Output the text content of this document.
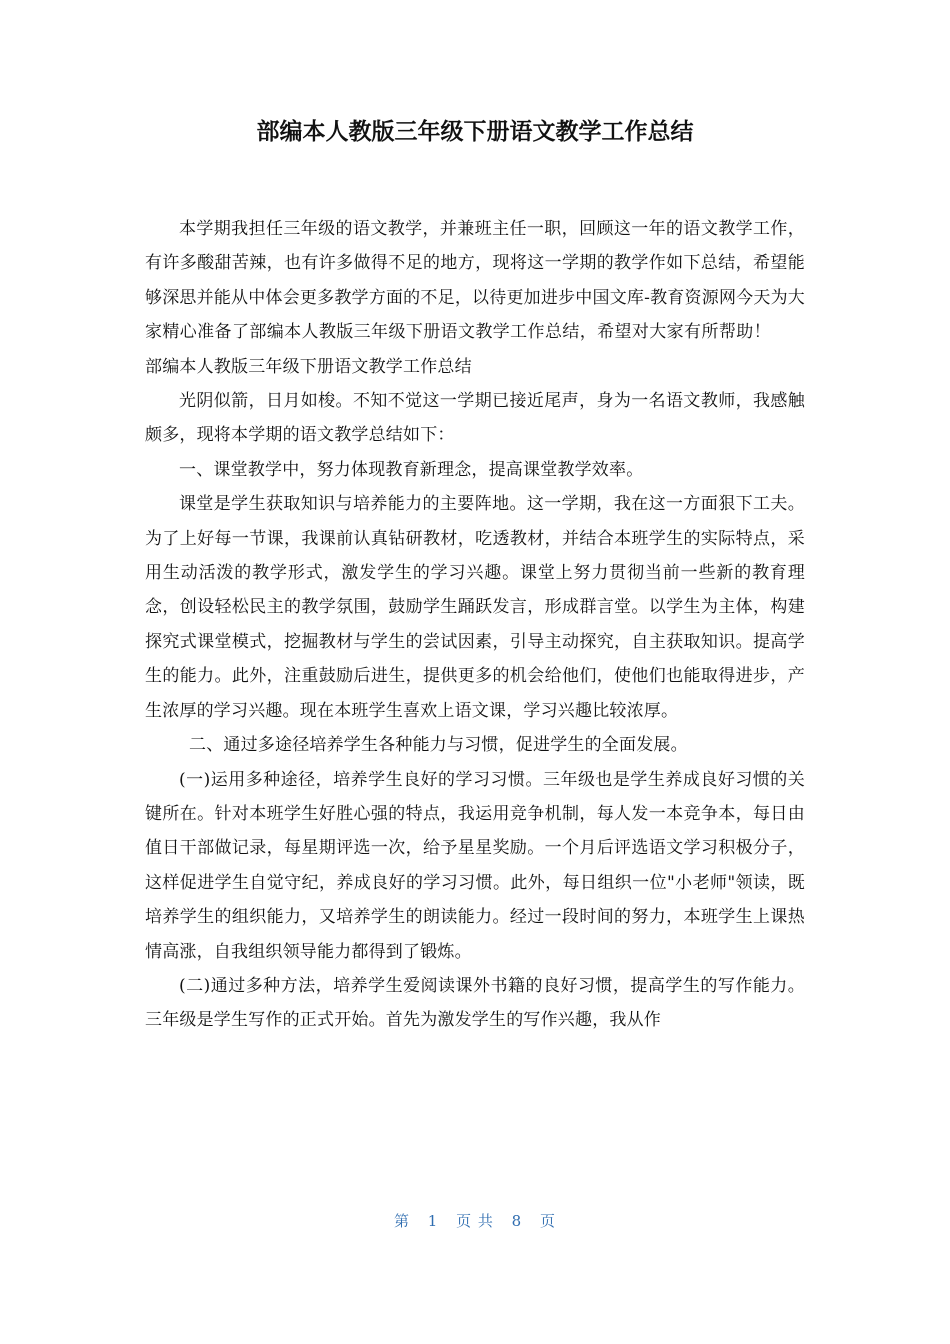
部编本人教版三年级下册语文教学工作总结

本学期我担任三年级的语文教学，并兼班主任一职，回顾这一年的语文教学工作，有许多酸甜苦辣，也有许多做得不足的地方，现将这一学期的教学作如下总结，希望能够深思并能从中体会更多教学方面的不足，以待更加进步中国文库-教育资源网今天为大家精心准备了部编本人教版三年级下册语文教学工作总结，希望对大家有所帮助！部编本人教版三年级下册语文教学工作总结

光阴似箭，日月如梭。不知不觉这一学期已接近尾声，身为一名语文教师，我感触颇多，现将本学期的语文教学总结如下：

一、课堂教学中，努力体现教育新理念，提高课堂教学效率。

课堂是学生获取知识与培养能力的主要阵地。这一学期，我在这一方面狠下工夫。为了上好每一节课，我课前认真钻研教材，吃透教材，并结合本班学生的实际特点，采用生动活泼的教学形式，激发学生的学习兴趣。课堂上努力贯彻当前一些新的教育理念，创设轻松民主的教学氛围，鼓励学生踊跃发言，形成群言堂。以学生为主体，构建探究式课堂模式，挖掘教材与学生的尝试因素，引导主动探究，自主获取知识。提高学生的能力。此外，注重鼓励后进生，提供更多的机会给他们，使他们也能取得进步，产生浓厚的学习兴趣。现在本班学生喜欢上语文课，学习兴趣比较浓厚。

二、通过多途径培养学生各种能力与习惯，促进学生的全面发展。

(一)运用多种途径，培养学生良好的学习习惯。三年级也是学生养成良好习惯的关键所在。针对本班学生好胜心强的特点，我运用竞争机制，每人发一本竞争本，每日由值日干部做记录，每星期评选一次，给予星星奖励。一个月后评选语文学习积极分子，这样促进学生自觉守纪，养成良好的学习习惯。此外，每日组织一位"小老师"领读，既培养学生的组织能力，又培养学生的朗读能力。经过一段时间的努力，本班学生上课热情高涨，自我组织领导能力都得到了锻炼。

(二)通过多种方法，培养学生爱阅读课外书籍的良好习惯，提高学生的写作能力。三年级是学生写作的正式开始。首先为激发学生的写作兴趣，我从作

第 1 页 共 8 页
